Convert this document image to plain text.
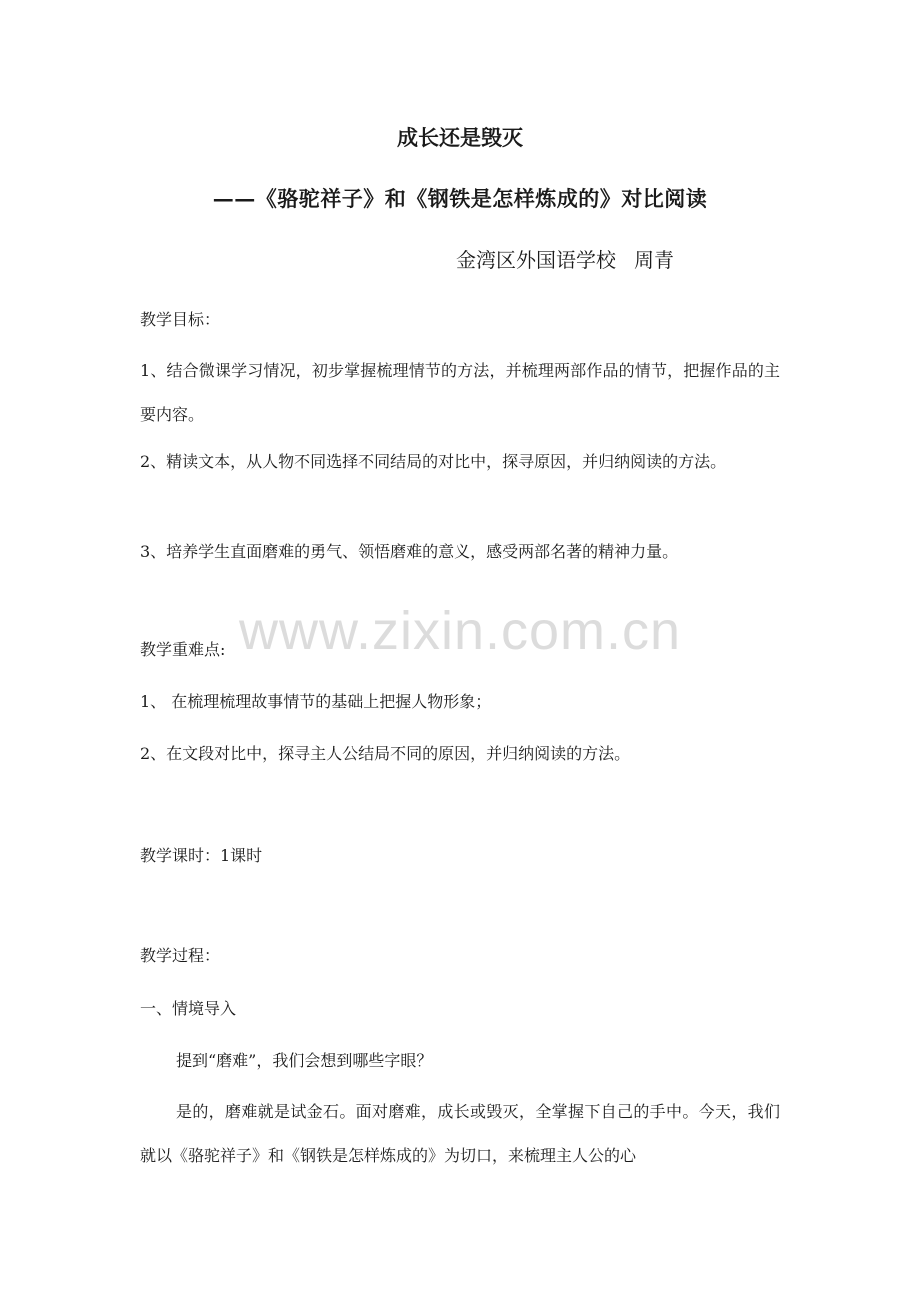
www.zixin.com.cn
成长还是毁灭
——《骆驼祥子》和《钢铁是怎样炼成的》对比阅读
金湾区外国语学校 周青
教学目标：
1、结合微课学习情况，初步掌握梳理情节的方法，并梳理两部作品的情节，把握作品的主要内容。
2、精读文本，从人物不同选择不同结局的对比中，探寻原因，并归纳阅读的方法。
3、培养学生直面磨难的勇气、领悟磨难的意义，感受两部名著的精神力量。
教学重难点:
1、 在梳理梳理故事情节的基础上把握人物形象；
2、在文段对比中，探寻主人公结局不同的原因，并归纳阅读的方法。
教学课时：1课时
教学过程：
一、情境导入
提到“磨难”，我们会想到哪些字眼？
是的，磨难就是试金石。面对磨难，成长或毁灭，全掌握下自己的手中。今天，我们就以《骆驼祥子》和《钢铁是怎样炼成的》为切口，来梳理主人公的心
